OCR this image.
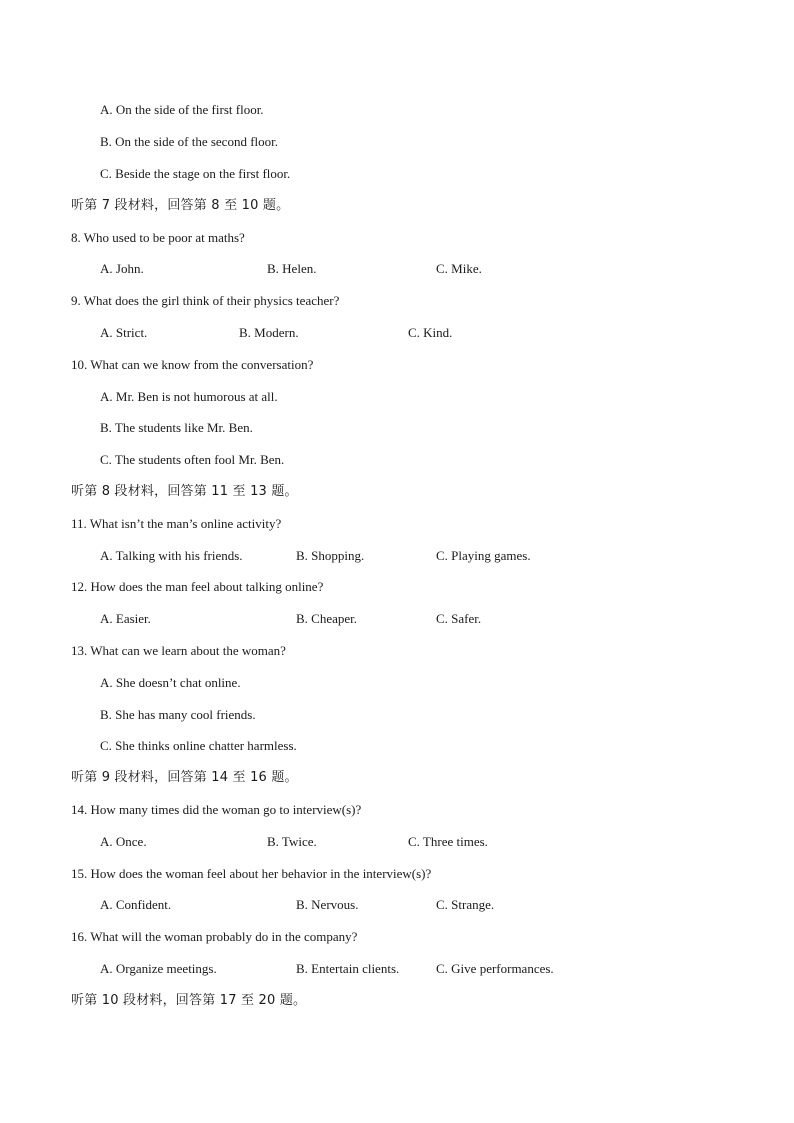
A. On the side of the first floor.
B. On the side of the second floor.
C. Beside the stage on the first floor.
听第 7 段材料，回答第 8 至 10 题。
8. Who used to be poor at maths?
A. John.	B. Helen.	C. Mike.
9. What does the girl think of their physics teacher?
A. Strict.	B. Modern.	C. Kind.
10. What can we know from the conversation?
A. Mr. Ben is not humorous at all.
B. The students like Mr. Ben.
C. The students often fool Mr. Ben.
听第 8 段材料，回答第 11 至 13 题。
11. What isn’t the man’s online activity?
A. Talking with his friends.	B. Shopping.	C. Playing games.
12. How does the man feel about talking online?
A. Easier.	B. Cheaper.	C. Safer.
13. What can we learn about the woman?
A. She doesn’t chat online.
B. She has many cool friends.
C. She thinks online chatter harmless.
听第 9 段材料，回答第 14 至 16 题。
14. How many times did the woman go to interview(s)?
A. Once.	B. Twice.	C. Three times.
15. How does the woman feel about her behavior in the interview(s)?
A. Confident.	B. Nervous.	C. Strange.
16. What will the woman probably do in the company?
A. Organize meetings.	B. Entertain clients.	C. Give performances.
听第 10 段材料，回答第 17 至 20 题。
